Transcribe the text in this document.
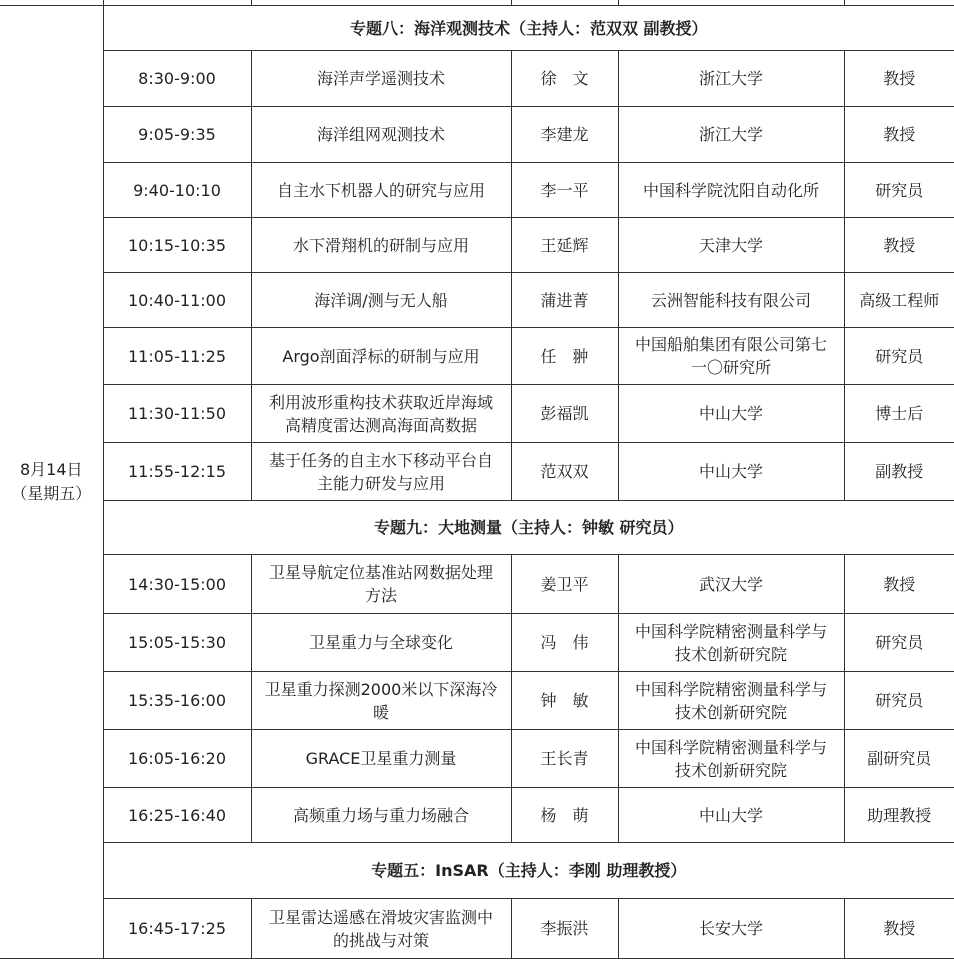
8月14日
（星期五）	专题八：海洋观测技术（主持人：范双双 副教授）				

	8:30-9:00	海洋声学遥测技术	徐　文	浙江大学	教授

	9:05-9:35	海洋组网观测技术	李建龙	浙江大学	教授

	9:40-10:10	自主水下机器人的研究与应用	李一平	中国科学院沈阳自动化所	研究员

	10:15-10:35	水下滑翔机的研制与应用	王延辉	天津大学	教授

	10:40-11:00	海洋调/测与无人船	蒲进菁	云洲智能科技有限公司	高级工程师

	11:05-11:25	Argo剖面浮标的研制与应用	任　翀	中国船舶集团有限公司第七
一〇研究所	研究员

	11:30-11:50	利用波形重构技术获取近岸海域
高精度雷达测高海面高数据	彭福凯	中山大学	博士后

	11:55-12:15	基于任务的自主水下移动平台自
主能力研发与应用	范双双	中山大学	副教授

	专题九：大地测量（主持人：钟敏 研究员）				

	14:30-15:00	卫星导航定位基准站网数据处理
方法	姜卫平	武汉大学	教授

	15:05-15:30	卫星重力与全球变化	冯　伟	中国科学院精密测量科学与
技术创新研究院	研究员

	15:35-16:00	卫星重力探测2000米以下深海冷
暖	钟　敏	中国科学院精密测量科学与
技术创新研究院	研究员

	16:05-16:20	GRACE卫星重力测量	王长青	中国科学院精密测量科学与
技术创新研究院	副研究员

	16:25-16:40	高频重力场与重力场融合	杨　萌	中山大学	助理教授

	专题五：InSAR（主持人：李刚 助理教授）				

	16:45-17:25	卫星雷达遥感在滑坡灾害监测中
的挑战与对策	李振洪	长安大学	教授
